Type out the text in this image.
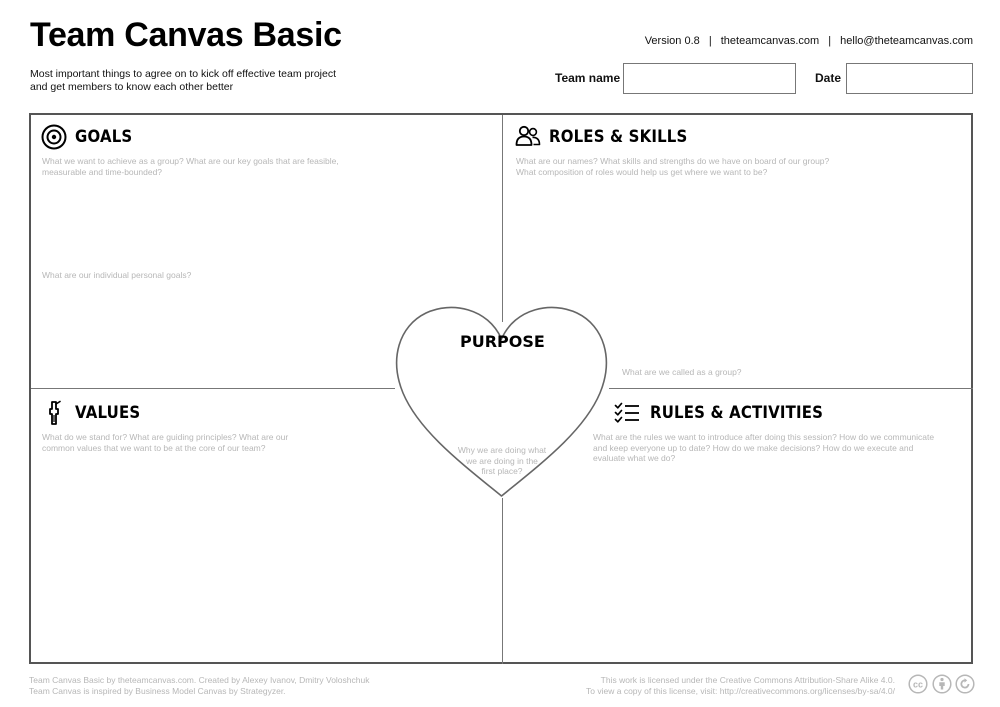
Team Canvas Basic	Version 0.8 | theteamcanvas.com | hello@theteamcanvas.com
Most important things to agree on to kick off effective team project
and get members to know each other better
Team name	Date
GOALS
What we want to achieve as a group? What are our key goals that are feasible,
measurable and time-bounded?
What are our individual personal goals?
ROLES & SKILLS
What are our names? What skills and strengths do we have on board of our group?
What composition of roles would help us get where we want to be?
What are we called as a group?
VALUES
What do we stand for? What are guiding principles? What are our
common values that we want to be at the core of our team?
RULES & ACTIVITIES
What are the rules we want to introduce after doing this session? How do we communicate
and keep everyone up to date? How do we make decisions? How do we execute and
evaluate what we do?
PURPOSE
Why we are doing what
we are doing in the
first place?
Team Canvas Basic by theteamcanvas.com. Created by Alexey Ivanov, Dmitry Voloshchuk
Team Canvas is inspired by Business Model Canvas by Strategyzer.
This work is licensed under the Creative Commons Attribution-Share Alike 4.0.
To view a copy of this license, visit: http://creativecommons.org/licenses/by-sa/4.0/
cc
